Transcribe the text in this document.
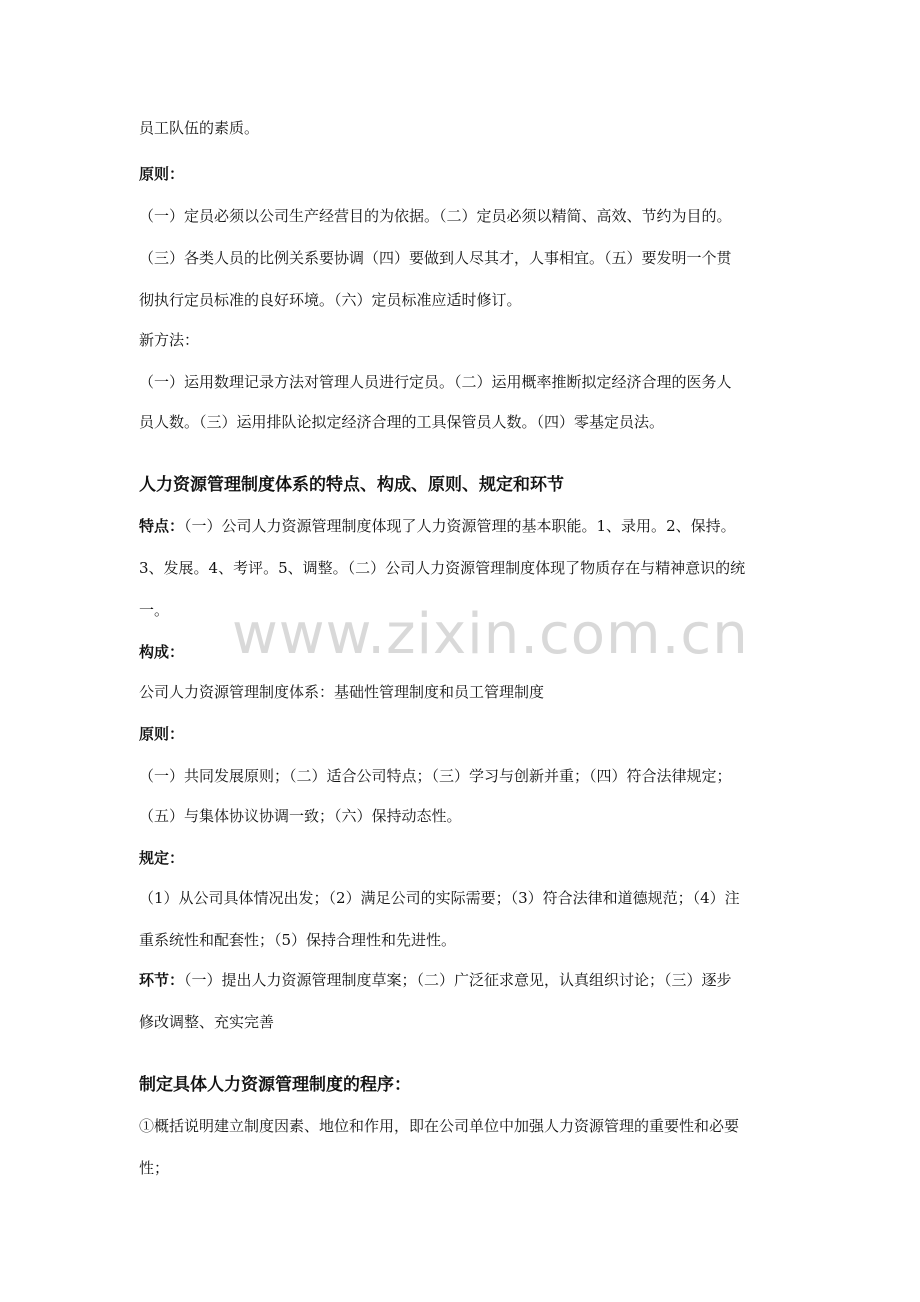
www.zixin.com.cn
员工队伍的素质。
原则：
（一）定员必须以公司生产经营目的为依据。（二）定员必须以精简、高效、节约为目的。
（三）各类人员的比例关系要协调（四）要做到人尽其才，人事相宜。（五）要发明一个贯
彻执行定员标准的良好环境。（六）定员标准应适时修订。
新方法：
（一）运用数理记录方法对管理人员进行定员。（二）运用概率推断拟定经济合理的医务人
员人数。（三）运用排队论拟定经济合理的工具保管员人数。（四）零基定员法。
人力资源管理制度体系的特点、构成、原则、规定和环节
特点：（一）公司人力资源管理制度体现了人力资源管理的基本职能。1、录用。2、保持。
3、发展。4、考评。5、调整。（二）公司人力资源管理制度体现了物质存在与精神意识的统
一。
构成：
公司人力资源管理制度体系：基础性管理制度和员工管理制度
原则：
（一）共同发展原则；（二）适合公司特点；（三）学习与创新并重；（四）符合法律规定；
（五）与集体协议协调一致；（六）保持动态性。
规定：
（1）从公司具体情况出发；（2）满足公司的实际需要；（3）符合法律和道德规范；（4）注
重系统性和配套性；（5）保持合理性和先进性。
环节：（一）提出人力资源管理制度草案；（二）广泛征求意见，认真组织讨论；（三）逐步
修改调整、充实完善
制定具体人力资源管理制度的程序：
①概括说明建立制度因素、地位和作用，即在公司单位中加强人力资源管理的重要性和必要
性；
